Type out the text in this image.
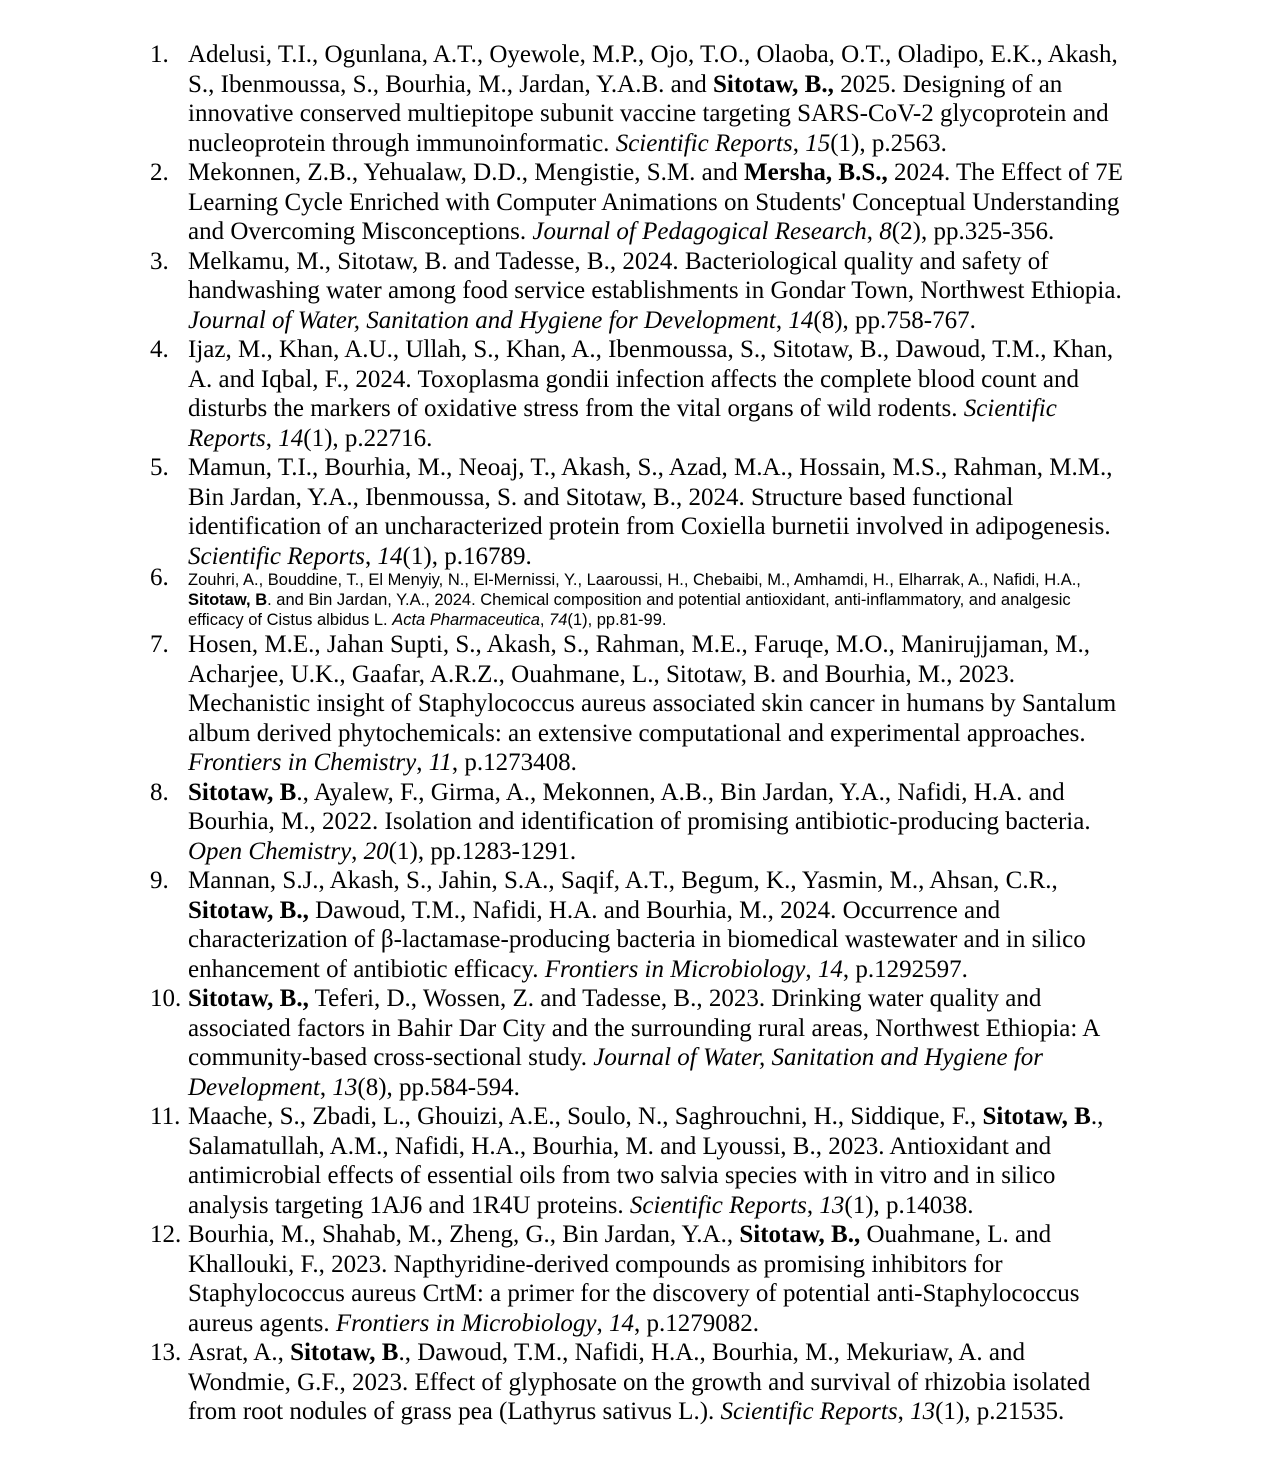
1. Adelusi, T.I., Ogunlana, A.T., Oyewole, M.P., Ojo, T.O., Olaoba, O.T., Oladipo, E.K., Akash, S., Ibenmoussa, S., Bourhia, M., Jardan, Y.A.B. and Sitotaw, B., 2025. Designing of an innovative conserved multiepitope subunit vaccine targeting SARS-CoV-2 glycoprotein and nucleoprotein through immunoinformatic. Scientific Reports, 15(1), p.2563.
2. Mekonnen, Z.B., Yehualaw, D.D., Mengistie, S.M. and Mersha, B.S., 2024. The Effect of 7E Learning Cycle Enriched with Computer Animations on Students' Conceptual Understanding and Overcoming Misconceptions. Journal of Pedagogical Research, 8(2), pp.325-356.
3. Melkamu, M., Sitotaw, B. and Tadesse, B., 2024. Bacteriological quality and safety of handwashing water among food service establishments in Gondar Town, Northwest Ethiopia. Journal of Water, Sanitation and Hygiene for Development, 14(8), pp.758-767.
4. Ijaz, M., Khan, A.U., Ullah, S., Khan, A., Ibenmoussa, S., Sitotaw, B., Dawoud, T.M., Khan, A. and Iqbal, F., 2024. Toxoplasma gondii infection affects the complete blood count and disturbs the markers of oxidative stress from the vital organs of wild rodents. Scientific Reports, 14(1), p.22716.
5. Mamun, T.I., Bourhia, M., Neoaj, T., Akash, S., Azad, M.A., Hossain, M.S., Rahman, M.M., Bin Jardan, Y.A., Ibenmoussa, S. and Sitotaw, B., 2024. Structure based functional identification of an uncharacterized protein from Coxiella burnetii involved in adipogenesis. Scientific Reports, 14(1), p.16789.
6. Zouhri, A., Bouddine, T., El Menyiy, N., El-Mernissi, Y., Laaroussi, H., Chebaibi, M., Amhamdi, H., Elharrak, A., Nafidi, H.A., Sitotaw, B. and Bin Jardan, Y.A., 2024. Chemical composition and potential antioxidant, anti-inflammatory, and analgesic efficacy of Cistus albidus L. Acta Pharmaceutica, 74(1), pp.81-99.
7. Hosen, M.E., Jahan Supti, S., Akash, S., Rahman, M.E., Faruqe, M.O., Manirujjaman, M., Acharjee, U.K., Gaafar, A.R.Z., Ouahmane, L., Sitotaw, B. and Bourhia, M., 2023. Mechanistic insight of Staphylococcus aureus associated skin cancer in humans by Santalum album derived phytochemicals: an extensive computational and experimental approaches. Frontiers in Chemistry, 11, p.1273408.
8. Sitotaw, B., Ayalew, F., Girma, A., Mekonnen, A.B., Bin Jardan, Y.A., Nafidi, H.A. and Bourhia, M., 2022. Isolation and identification of promising antibiotic-producing bacteria. Open Chemistry, 20(1), pp.1283-1291.
9. Mannan, S.J., Akash, S., Jahin, S.A., Saqif, A.T., Begum, K., Yasmin, M., Ahsan, C.R., Sitotaw, B., Dawoud, T.M., Nafidi, H.A. and Bourhia, M., 2024. Occurrence and characterization of β-lactamase-producing bacteria in biomedical wastewater and in silico enhancement of antibiotic efficacy. Frontiers in Microbiology, 14, p.1292597.
10. Sitotaw, B., Teferi, D., Wossen, Z. and Tadesse, B., 2023. Drinking water quality and associated factors in Bahir Dar City and the surrounding rural areas, Northwest Ethiopia: A community-based cross-sectional study. Journal of Water, Sanitation and Hygiene for Development, 13(8), pp.584-594.
11. Maache, S., Zbadi, L., Ghouizi, A.E., Soulo, N., Saghrouchni, H., Siddique, F., Sitotaw, B., Salamatullah, A.M., Nafidi, H.A., Bourhia, M. and Lyoussi, B., 2023. Antioxidant and antimicrobial effects of essential oils from two salvia species with in vitro and in silico analysis targeting 1AJ6 and 1R4U proteins. Scientific Reports, 13(1), p.14038.
12. Bourhia, M., Shahab, M., Zheng, G., Bin Jardan, Y.A., Sitotaw, B., Ouahmane, L. and Khallouki, F., 2023. Napthyridine-derived compounds as promising inhibitors for Staphylococcus aureus CrtM: a primer for the discovery of potential anti-Staphylococcus aureus agents. Frontiers in Microbiology, 14, p.1279082.
13. Asrat, A., Sitotaw, B., Dawoud, T.M., Nafidi, H.A., Bourhia, M., Mekuriaw, A. and Wondmie, G.F., 2023. Effect of glyphosate on the growth and survival of rhizobia isolated from root nodules of grass pea (Lathyrus sativus L.). Scientific Reports, 13(1), p.21535.
